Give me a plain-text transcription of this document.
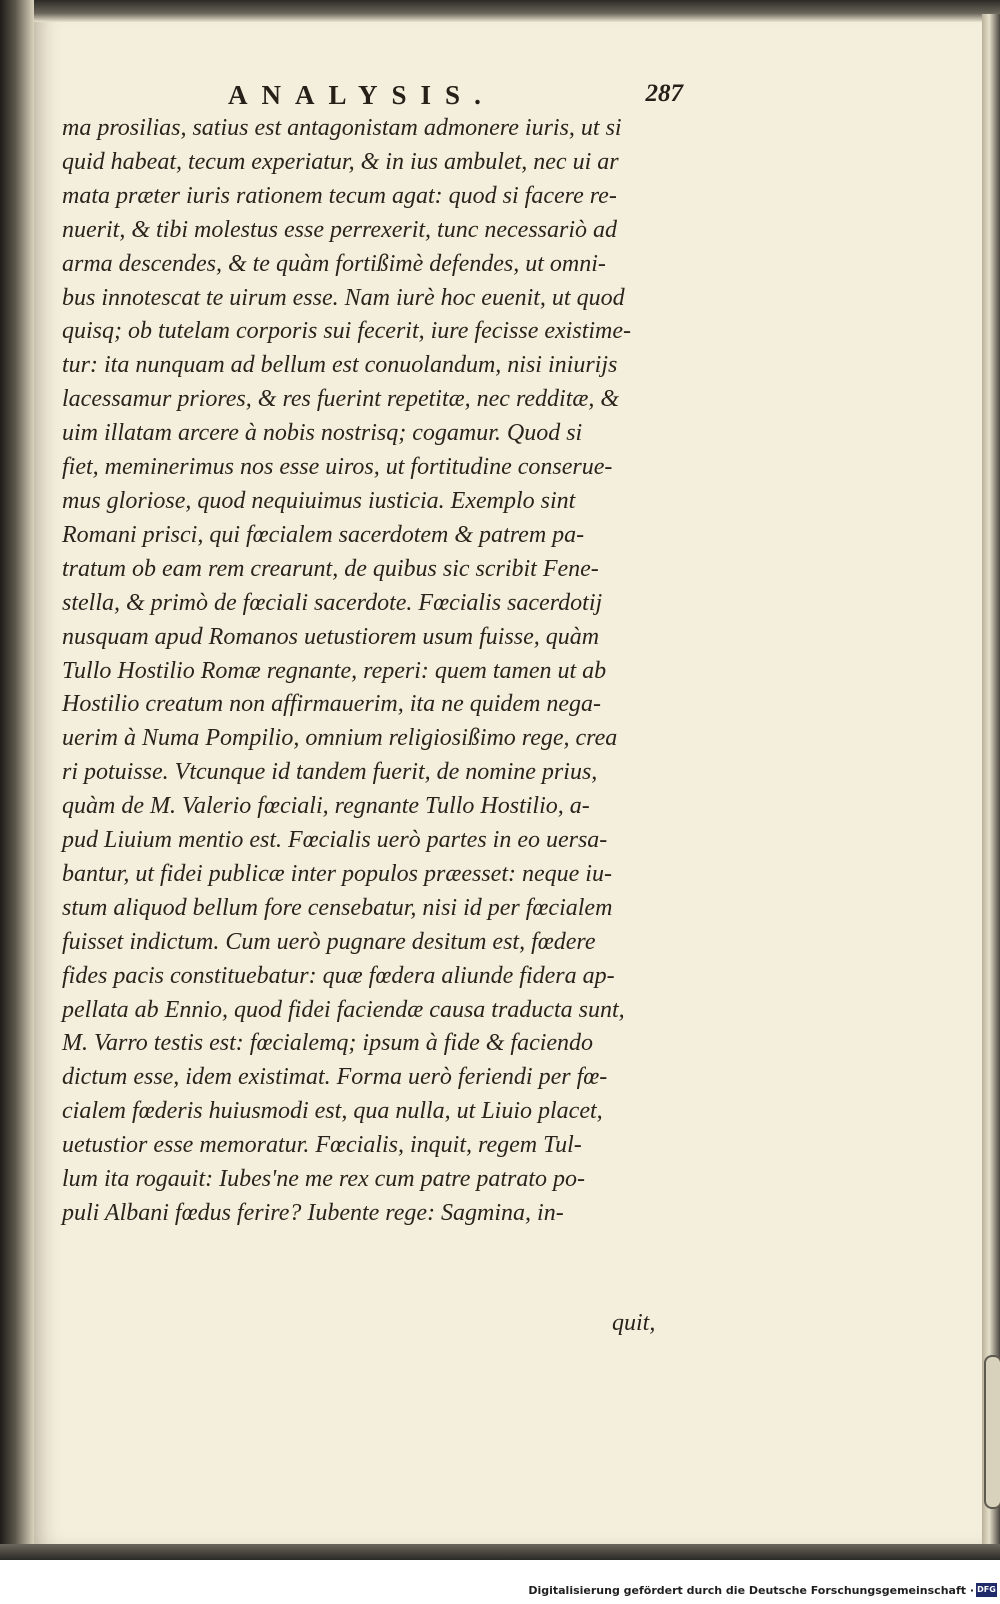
ANALYSIS.	287
ma prosilias, satius est antagonistam admonere iuris, ut si
quid habeat, tecum experiatur, & in ius ambulet, nec ui ar
mata præter iuris rationem tecum agat: quod si facere re-
nuerit, & tibi molestus esse perrexerit, tunc necessariò ad
arma descendes, & te quàm fortißimè defendes, ut omni-
bus innotescat te uirum esse. Nam iurè hoc euenit, ut quod
quisq; ob tutelam corporis sui fecerit, iure fecisse existime-
tur: ita nunquam ad bellum est conuolandum, nisi iniurijs
lacessamur priores, & res fuerint repetitæ, nec redditæ, &
uim illatam arcere à nobis nostrisq; cogamur. Quod si
fiet, meminerimus nos esse uiros, ut fortitudine conserue-
mus gloriose, quod nequiuimus iusticia. Exemplo sint
Romani prisci, qui fœcialem sacerdotem & patrem pa-
tratum ob eam rem crearunt, de quibus sic scribit Fene-
stella, & primò de fœciali sacerdote. Fœcialis sacerdotij
nusquam apud Romanos uetustiorem usum fuisse, quàm
Tullo Hostilio Romæ regnante, reperi: quem tamen ut ab
Hostilio creatum non affirmauerim, ita ne quidem nega-
uerim à Numa Pompilio, omnium religiosißimo rege, crea
ri potuisse. Vtcunque id tandem fuerit, de nomine prius,
quàm de M. Valerio fœciali, regnante Tullo Hostilio, a-
pud Liuium mentio est. Fœcialis uerò partes in eo uersa-
bantur, ut fidei publicæ inter populos præesset: neque iu-
stum aliquod bellum fore censebatur, nisi id per fœcialem
fuisset indictum. Cum uerò pugnare desitum est, fœdere
fides pacis constituebatur: quæ fœdera aliunde fidera ap-
pellata ab Ennio, quod fidei faciendæ causa traducta sunt,
M. Varro testis est: fœcialemq; ipsum à fide & faciendo
dictum esse, idem existimat. Forma uerò feriendi per fœ-
cialem fœderis huiusmodi est, qua nulla, ut Liuio placet,
uetustior esse memoratur. Fœcialis, inquit, regem Tul-
lum ita rogauit: Iubes'ne me rex cum patre patrato po-
puli Albani fœdus ferire? Iubente rege: Sagmina, in-
quit,
Digitalisierung gefördert durch die Deutsche Forschungsgemeinschaft · DFG
